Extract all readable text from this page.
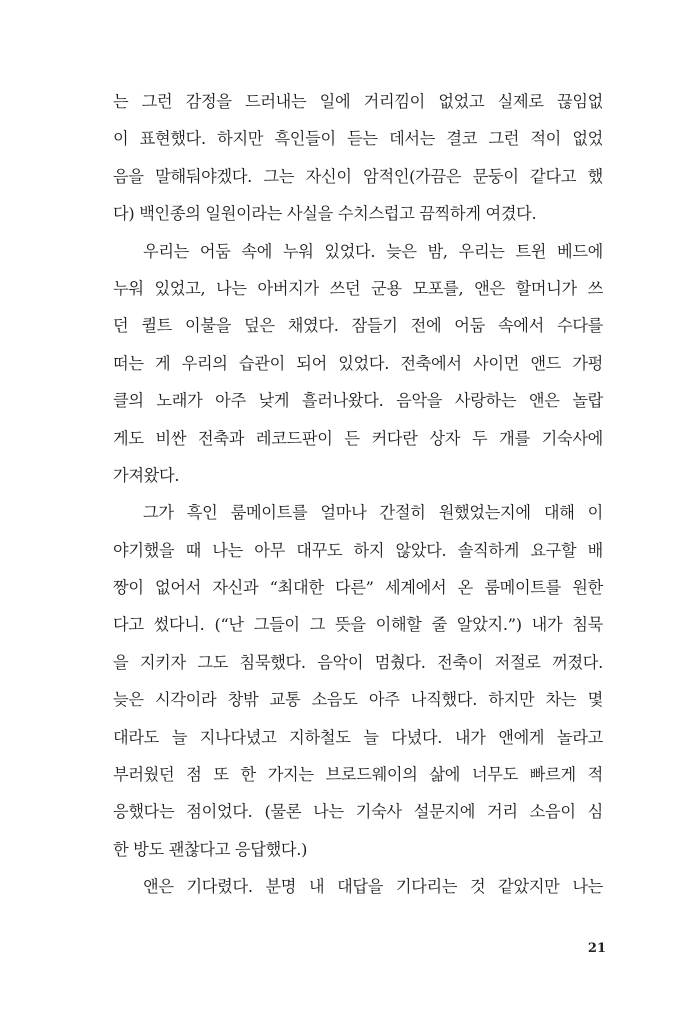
는 그런 감정을 드러내는 일에 거리낌이 없었고 실제로 끊임없
이 표현했다. 하지만 흑인들이 듣는 데서는 결코 그런 적이 없었
음을 말해둬야겠다. 그는 자신이 암적인(가끔은 문둥이 같다고 했
다) 백인종의 일원이라는 사실을 수치스럽고 끔찍하게 여겼다.
우리는 어둠 속에 누워 있었다. 늦은 밤, 우리는 트윈 베드에
누워 있었고, 나는 아버지가 쓰던 군용 모포를, 앤은 할머니가 쓰
던 퀼트 이불을 덮은 채였다. 잠들기 전에 어둠 속에서 수다를
떠는 게 우리의 습관이 되어 있었다. 전축에서 사이먼 앤드 가펑
클의 노래가 아주 낮게 흘러나왔다. 음악을 사랑하는 앤은 놀랍
게도 비싼 전축과 레코드판이 든 커다란 상자 두 개를 기숙사에
가져왔다.
그가 흑인 룸메이트를 얼마나 간절히 원했었는지에 대해 이
야기했을 때 나는 아무 대꾸도 하지 않았다. 솔직하게 요구할 배
짱이 없어서 자신과 “최대한 다른” 세계에서 온 룸메이트를 원한
다고 썼다니. (“난 그들이 그 뜻을 이해할 줄 알았지.”) 내가 침묵
을 지키자 그도 침묵했다. 음악이 멈췄다. 전축이 저절로 꺼졌다.
늦은 시각이라 창밖 교통 소음도 아주 나직했다. 하지만 차는 몇
대라도 늘 지나다녔고 지하철도 늘 다녔다. 내가 앤에게 놀라고
부러웠던 점 또 한 가지는 브로드웨이의 삶에 너무도 빠르게 적
응했다는 점이었다. (물론 나는 기숙사 설문지에 거리 소음이 심
한 방도 괜찮다고 응답했다.)
앤은 기다렸다. 분명 내 대답을 기다리는 것 같았지만 나는
21
